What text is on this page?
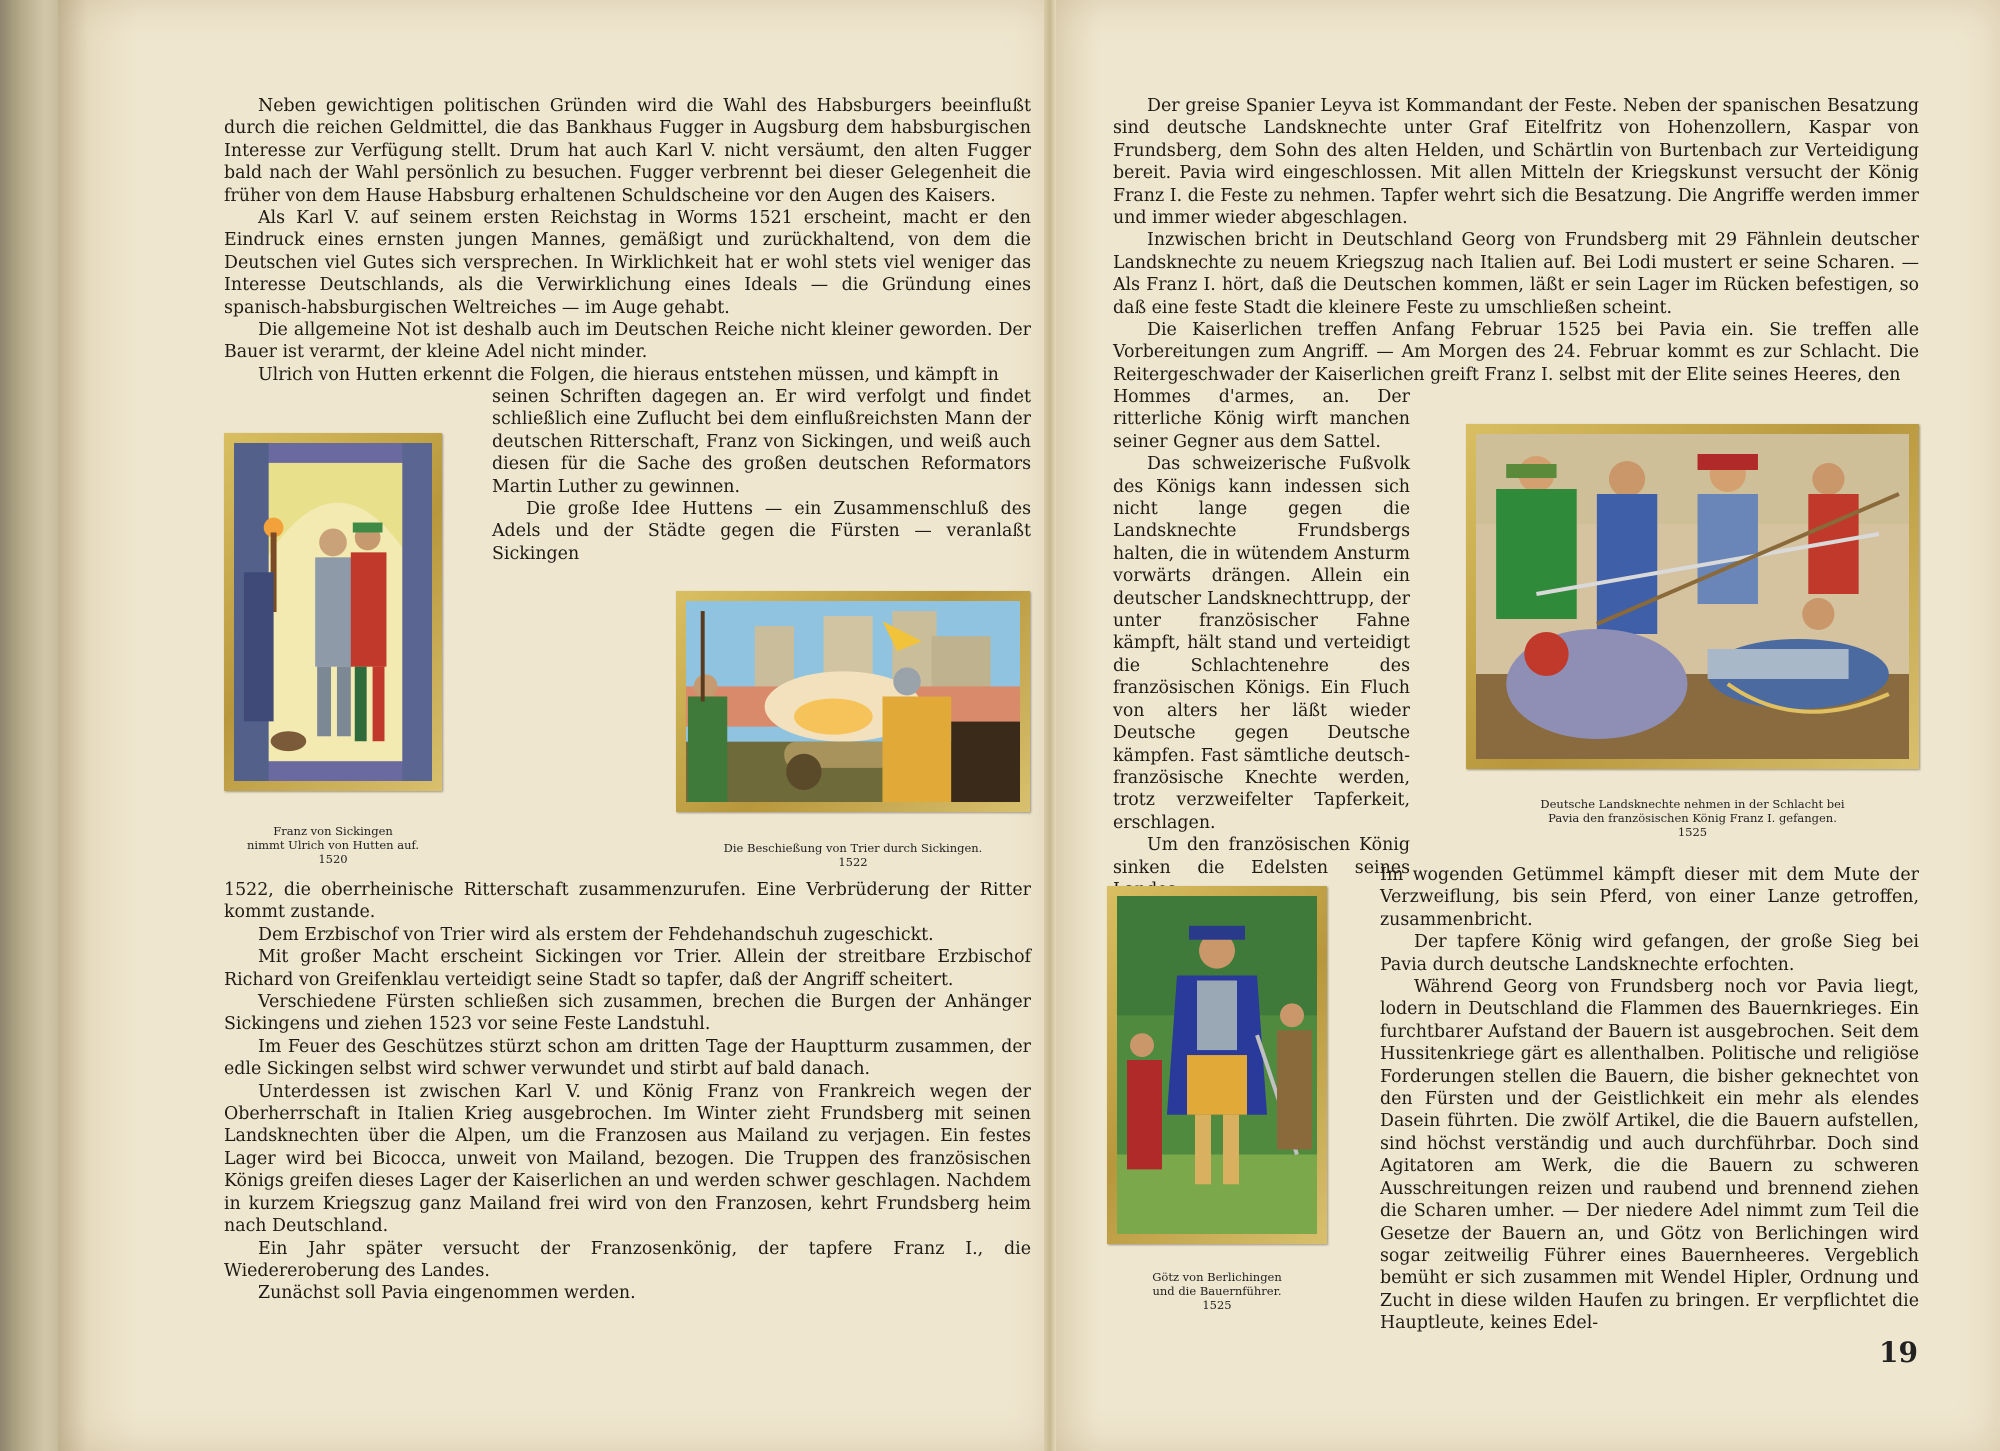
Neben gewichtigen politischen Gründen wird die Wahl des Habsburgers beeinflußt durch die reichen Geldmittel, die das Bankhaus Fugger in Augsburg dem habsburgischen Interesse zur Verfügung stellt. Drum hat auch Karl V. nicht versäumt, den alten Fugger bald nach der Wahl persönlich zu besuchen. Fugger verbrennt bei dieser Gelegenheit die früher von dem Hause Habsburg erhaltenen Schuldscheine vor den Augen des Kaisers.

Als Karl V. auf seinem ersten Reichstag in Worms 1521 erscheint, macht er den Eindruck eines ernsten jungen Mannes, gemäßigt und zurückhaltend, von dem die Deutschen viel Gutes sich versprechen. In Wirklichkeit hat er wohl stets viel weniger das Interesse Deutschlands, als die Verwirklichung eines Ideals — die Gründung eines spanisch-habsburgischen Weltreiches — im Auge gehabt.

Die allgemeine Not ist deshalb auch im Deutschen Reiche nicht kleiner geworden. Der Bauer ist verarmt, der kleine Adel nicht minder.

Ulrich von Hutten erkennt die Folgen, die hieraus entstehen müssen, und kämpft in

seinen Schriften dagegen an. Er wird verfolgt und findet schließlich eine Zuflucht bei dem einflußreichsten Mann der deutschen Ritterschaft, Franz von Sickingen, und weiß auch diesen für die Sache des großen deutschen Reformators Martin Luther zu gewinnen.

Die große Idee Huttens — ein Zusammenschluß des Adels und der Städte gegen die Fürsten — veranlaßt Sickingen

Franz von Sickingen
nimmt Ulrich von Hutten auf.
1520
Die Beschießung von Trier durch Sickingen.
1522

1522, die oberrheinische Ritterschaft zusammenzurufen. Eine Verbrüderung der Ritter kommt zustande.

Dem Erzbischof von Trier wird als erstem der Fehdehandschuh zugeschickt.

Mit großer Macht erscheint Sickingen vor Trier. Allein der streitbare Erzbischof Richard von Greifenklau verteidigt seine Stadt so tapfer, daß der Angriff scheitert.

Verschiedene Fürsten schließen sich zusammen, brechen die Burgen der Anhänger Sickingens und ziehen 1523 vor seine Feste Landstuhl.

Im Feuer des Geschützes stürzt schon am dritten Tage der Hauptturm zusammen, der edle Sickingen selbst wird schwer verwundet und stirbt auf bald danach.

Unterdessen ist zwischen Karl V. und König Franz von Frankreich wegen der Oberherrschaft in Italien Krieg ausgebrochen. Im Winter zieht Frundsberg mit seinen Landsknechten über die Alpen, um die Franzosen aus Mailand zu verjagen. Ein festes Lager wird bei Bicocca, unweit von Mailand, bezogen. Die Truppen des französischen Königs greifen dieses Lager der Kaiserlichen an und werden schwer geschlagen. Nachdem in kurzem Kriegszug ganz Mailand frei wird von den Franzosen, kehrt Frundsberg heim nach Deutschland.

Ein Jahr später versucht der Franzosenkönig, der tapfere Franz I., die Wiedereroberung des Landes.

Zunächst soll Pavia eingenommen werden.

Der greise Spanier Leyva ist Kommandant der Feste. Neben der spanischen Besatzung sind deutsche Landsknechte unter Graf Eitelfritz von Hohenzollern, Kaspar von Frundsberg, dem Sohn des alten Helden, und Schärtlin von Burtenbach zur Verteidigung bereit. Pavia wird eingeschlossen. Mit allen Mitteln der Kriegskunst versucht der König Franz I. die Feste zu nehmen. Tapfer wehrt sich die Besatzung. Die Angriffe werden immer und immer wieder abgeschlagen.

Inzwischen bricht in Deutschland Georg von Frundsberg mit 29 Fähnlein deutscher Landsknechte zu neuem Kriegszug nach Italien auf. Bei Lodi mustert er seine Scharen. — Als Franz I. hört, daß die Deutschen kommen, läßt er sein Lager im Rücken befestigen, so daß eine feste Stadt die kleinere Feste zu umschließen scheint.

Die Kaiserlichen treffen Anfang Februar 1525 bei Pavia ein. Sie treffen alle Vorbereitungen zum Angriff. — Am Morgen des 24. Februar kommt es zur Schlacht. Die Reitergeschwader der Kaiserlichen greift Franz I. selbst mit der Elite seines Heeres, den

Hommes d'armes, an. Der ritterliche König wirft manchen seiner Gegner aus dem Sattel.

Das schweizerische Fußvolk des Königs kann indessen sich nicht lange gegen die Landsknechte Frundsbergs halten, die in wütendem Ansturm vorwärts drängen. Allein ein deutscher Landsknechttrupp, der unter französischer Fahne kämpft, hält stand und verteidigt die Schlachtenehre des französischen Königs. Ein Fluch von alters her läßt wieder Deutsche gegen Deutsche kämpfen. Fast sämtliche deutsch-französische Knechte werden, trotz verzweifelter Tapferkeit, erschlagen.

Um den französischen König sinken die Edelsten seines

Deutsche Landsknechte nehmen in der Schlacht bei
Pavia den französischen König Franz I. gefangen.
1525
Götz von Berlichingen
und die Bauernführer.
1525

Im wogenden Getümmel kämpft dieser mit dem Mute der Verzweiflung, bis sein Pferd, von einer Lanze getroffen, zusammenbricht.

Der tapfere König wird gefangen, der große Sieg bei Pavia durch deutsche Landsknechte erfochten.

Während Georg von Frundsberg noch vor Pavia liegt, lodern in Deutschland die Flammen des Bauernkrieges. Ein furchtbarer Aufstand der Bauern ist ausgebrochen. Seit dem Hussitenkriege gärt es allenthalben. Politische und religiöse Forderungen stellen die Bauern, die bisher geknechtet von den Fürsten und der Geistlichkeit ein mehr als elendes Dasein führten. Die zwölf Artikel, die die Bauern aufstellen, sind höchst verständig und auch durchführbar. Doch sind Agitatoren am Werk, die die Bauern zu schweren Ausschreitungen reizen und raubend und brennend ziehen die Scharen umher. — Der niedere Adel nimmt zum Teil die Gesetze der Bauern an, und Götz von Berlichingen wird sogar zeitweilig Führer eines Bauernheeres. Vergeblich bemüht er sich zusammen mit Wendel Hipler, Ordnung und Zucht in diese wilden Haufen zu bringen. Er verpflichtet die Hauptleute, keines Edel-

19
